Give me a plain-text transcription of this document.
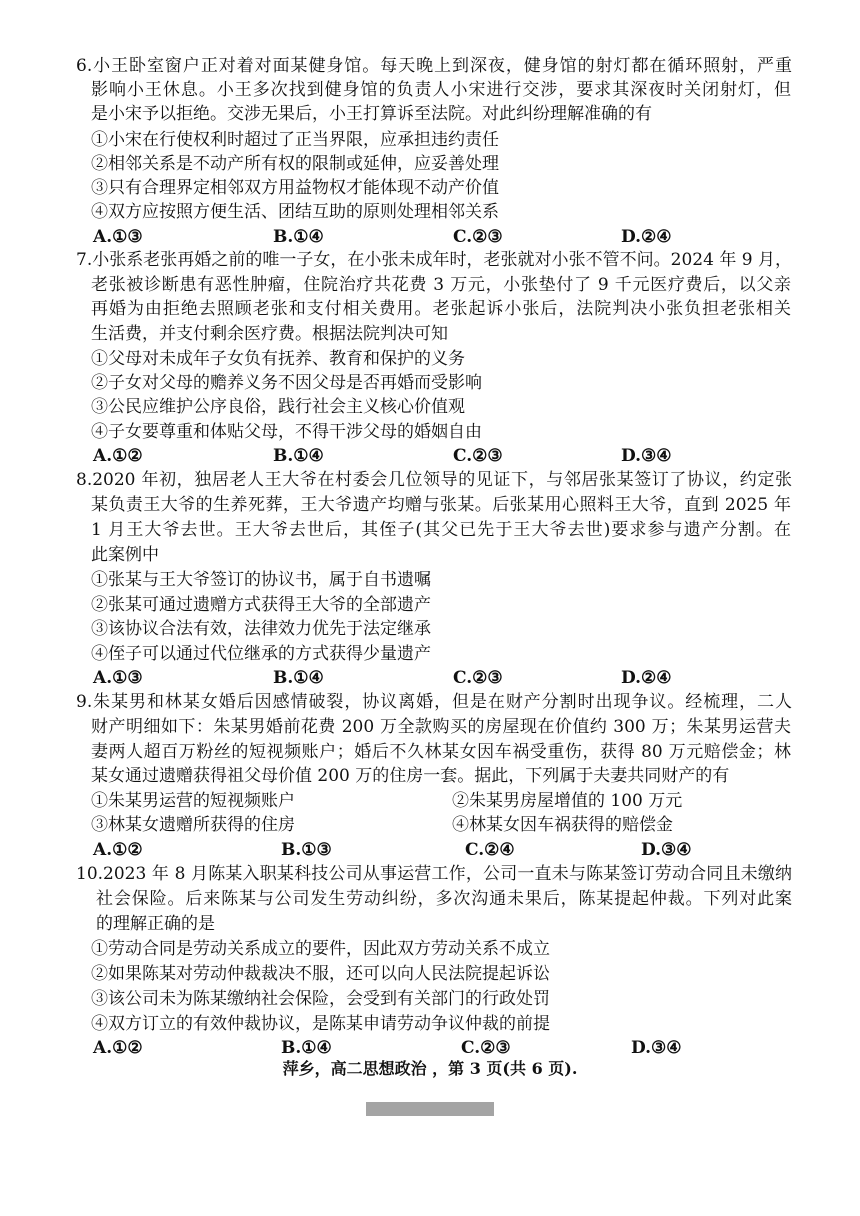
6.小王卧室窗户正对着对面某健身馆。每天晚上到深夜，健身馆的射灯都在循环照射，严重
影响小王休息。小王多次找到健身馆的负责人小宋进行交涉，要求其深夜时关闭射灯，但
是小宋予以拒绝。交涉无果后，小王打算诉至法院。对此纠纷理解准确的有
①小宋在行使权利时超过了正当界限，应承担违约责任
②相邻关系是不动产所有权的限制或延伸，应妥善处理
③只有合理界定相邻双方用益物权才能体现不动产价值
④双方应按照方便生活、团结互助的原则处理相邻关系
A.①③	B.①④	C.②③	D.②④
7.小张系老张再婚之前的唯一子女，在小张未成年时，老张就对小张不管不问。2024 年 9 月，
老张被诊断患有恶性肿瘤，住院治疗共花费 3 万元，小张垫付了 9 千元医疗费后，以父亲
再婚为由拒绝去照顾老张和支付相关费用。老张起诉小张后，法院判决小张负担老张相关
生活费，并支付剩余医疗费。根据法院判决可知
①父母对未成年子女负有抚养、教育和保护的义务
②子女对父母的赡养义务不因父母是否再婚而受影响
③公民应维护公序良俗，践行社会主义核心价值观
④子女要尊重和体贴父母，不得干涉父母的婚姻自由
A.①②	B.①④	C.②③	D.③④
8.2020 年初，独居老人王大爷在村委会几位领导的见证下，与邻居张某签订了协议，约定张
某负责王大爷的生养死葬，王大爷遗产均赠与张某。后张某用心照料王大爷，直到 2025 年
1 月王大爷去世。王大爷去世后，其侄子(其父已先于王大爷去世)要求参与遗产分割。在
此案例中
①张某与王大爷签订的协议书，属于自书遗嘱
②张某可通过遗赠方式获得王大爷的全部遗产
③该协议合法有效，法律效力优先于法定继承
④侄子可以通过代位继承的方式获得少量遗产
A.①③	B.①④	C.②③	D.②④
9.朱某男和林某女婚后因感情破裂，协议离婚，但是在财产分割时出现争议。经梳理，二人
财产明细如下：朱某男婚前花费 200 万全款购买的房屋现在价值约 300 万；朱某男运营夫
妻两人超百万粉丝的短视频账户；婚后不久林某女因车祸受重伤，获得 80 万元赔偿金；林
某女通过遗赠获得祖父母价值 200 万的住房一套。据此，下列属于夫妻共同财产的有
①朱某男运营的短视频账户	②朱某男房屋增值的 100 万元
③林某女遗赠所获得的住房	④林某女因车祸获得的赔偿金
A.①②	B.①③	C.②④	D.③④
10.2023 年 8 月陈某入职某科技公司从事运营工作，公司一直未与陈某签订劳动合同且未缴纳
社会保险。后来陈某与公司发生劳动纠纷，多次沟通未果后，陈某提起仲裁。下列对此案
的理解正确的是
①劳动合同是劳动关系成立的要件，因此双方劳动关系不成立
②如果陈某对劳动仲裁裁决不服，还可以向人民法院提起诉讼
③该公司未为陈某缴纳社会保险，会受到有关部门的行政处罚
④双方订立的有效仲裁协议，是陈某申请劳动争议仲裁的前提
A.①②	B.①④	C.②③	D.③④
萍乡，高二思想政治 ，第 3 页(共 6 页).
